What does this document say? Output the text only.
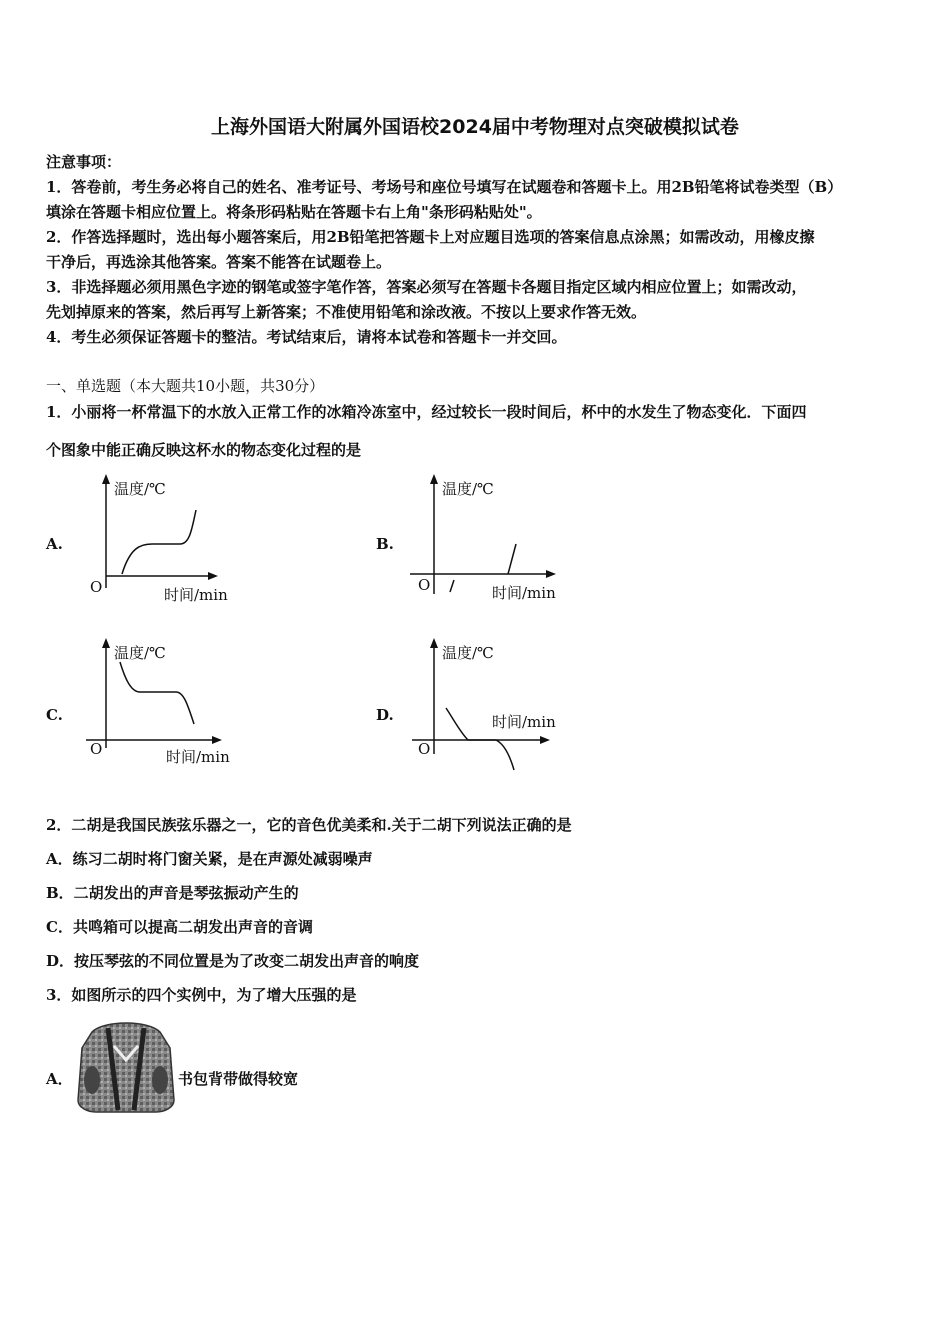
上海外国语大附属外国语校2024届中考物理对点突破模拟试卷
注意事项：
1．答卷前，考生务必将自己的姓名、准考证号、考场号和座位号填写在试题卷和答题卡上。用2B铅笔将试卷类型（B）
填涂在答题卡相应位置上。将条形码粘贴在答题卡右上角"条形码粘贴处"。
2．作答选择题时，选出每小题答案后，用2B铅笔把答题卡上对应题目选项的答案信息点涂黑；如需改动，用橡皮擦
干净后，再选涂其他答案。答案不能答在试题卷上。
3．非选择题必须用黑色字迹的钢笔或签字笔作答，答案必须写在答题卡各题目指定区域内相应位置上；如需改动，
先划掉原来的答案，然后再写上新答案；不准使用铅笔和涂改液。不按以上要求作答无效。
4．考生必须保证答题卡的整洁。考试结束后，请将本试卷和答题卡一并交回。
一、单选题（本大题共10小题，共30分）
1．小丽将一杯常温下的水放入正常工作的冰箱冷冻室中，经过较长一段时间后，杯中的水发生了物态变化．下面四
个图象中能正确反映这杯水的物态变化过程的是
A.
温度/℃
时间/min
O
B.
温度/℃
时间/min
O
C.
温度/℃
时间/min
O
D.
温度/℃
时间/min
O
2．二胡是我国民族弦乐器之一，它的音色优美柔和.关于二胡下列说法正确的是
A．练习二胡时将门窗关紧，是在声源处减弱噪声
B．二胡发出的声音是琴弦振动产生的
C．共鸣箱可以提高二胡发出声音的音调
D．按压琴弦的不同位置是为了改变二胡发出声音的响度
3．如图所示的四个实例中，为了增大压强的是
A．	书包背带做得较宽
